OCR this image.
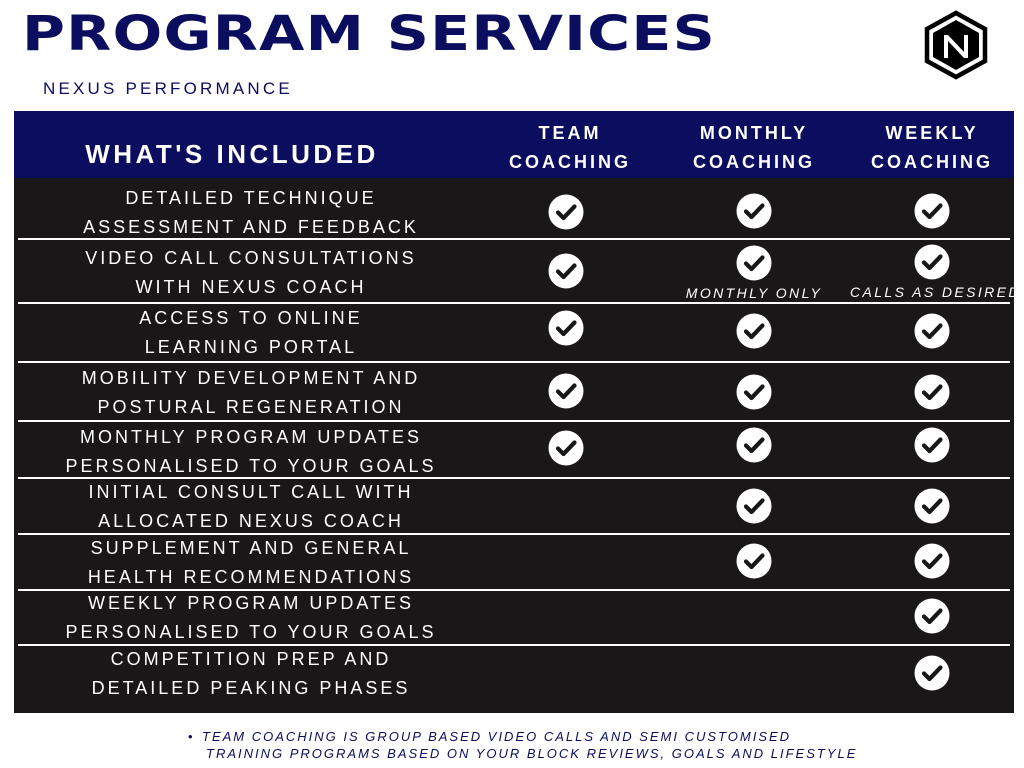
PROGRAM SERVICES
NEXUS PERFORMANCE
WHAT'S INCLUDED
TEAM
COACHING
MONTHLY
COACHING
WEEKLY
COACHING
DETAILED TECHNIQUE
ASSESSMENT AND FEEDBACK
VIDEO CALL CONSULTATIONS
WITH NEXUS COACH
ACCESS TO ONLINE
LEARNING PORTAL
MOBILITY DEVELOPMENT AND
POSTURAL REGENERATION
MONTHLY PROGRAM UPDATES
PERSONALISED TO YOUR GOALS
INITIAL CONSULT CALL WITH
ALLOCATED NEXUS COACH
SUPPLEMENT AND GENERAL
HEALTH RECOMMENDATIONS
WEEKLY PROGRAM UPDATES
PERSONALISED TO YOUR GOALS
COMPETITION PREP AND
DETAILED PEAKING PHASES
MONTHLY ONLY	CALLS AS DESIRED
• TEAM COACHING IS GROUP BASED VIDEO CALLS AND SEMI CUSTOMISED
TRAINING PROGRAMS BASED ON YOUR BLOCK REVIEWS, GOALS AND LIFESTYLE
